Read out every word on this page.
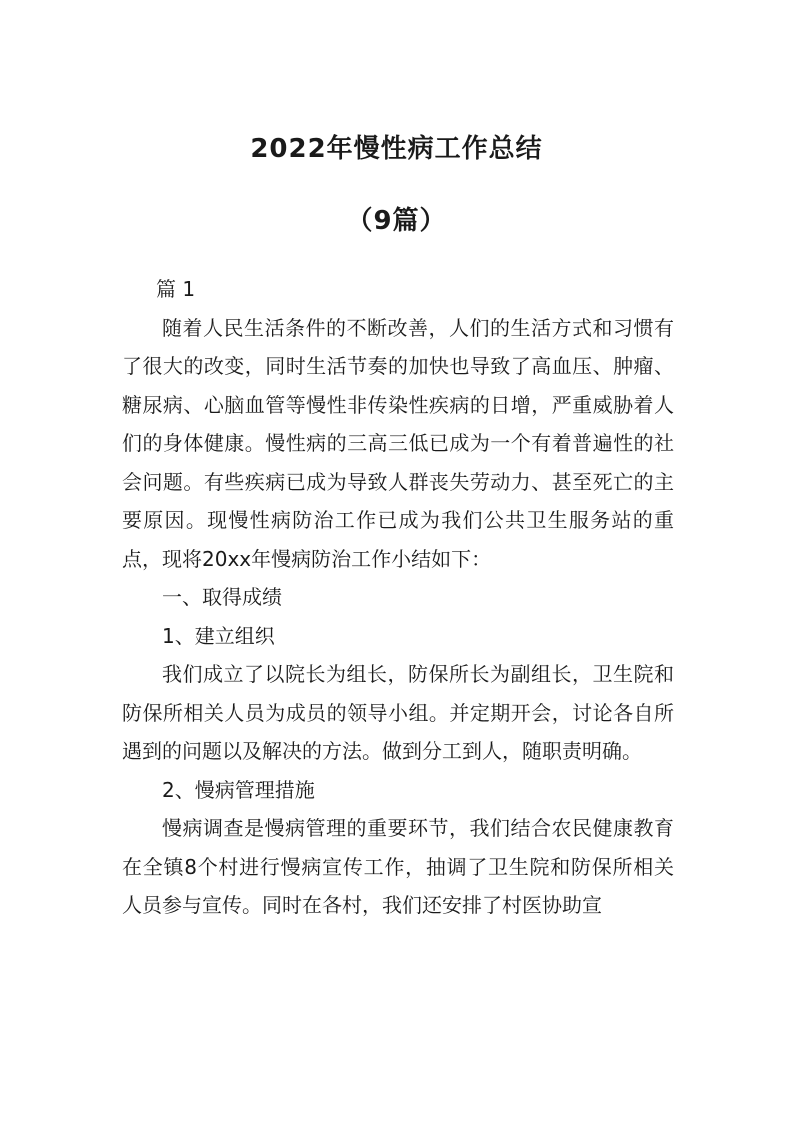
2022年慢性病工作总结
（9篇）

篇 1

随着人民生活条件的不断改善，人们的生活方式和习惯有了很大的改变，同时生活节奏的加快也导致了高血压、肿瘤、糖尿病、心脑血管等慢性非传染性疾病的日增，严重威胁着人们的身体健康。慢性病的三高三低已成为一个有着普遍性的社会问题。有些疾病已成为导致人群丧失劳动力、甚至死亡的主要原因。现慢性病防治工作已成为我们公共卫生服务站的重点，现将20xx年慢病防治工作小结如下：

一、取得成绩

1、建立组织

我们成立了以院长为组长，防保所长为副组长，卫生院和防保所相关人员为成员的领导小组。并定期开会，讨论各自所遇到的问题以及解决的方法。做到分工到人，随职责明确。

2、慢病管理措施

慢病调查是慢病管理的重要环节，我们结合农民健康教育在全镇8个村进行慢病宣传工作，抽调了卫生院和防保所相关人员参与宣传。同时在各村，我们还安排了村医协助宣
